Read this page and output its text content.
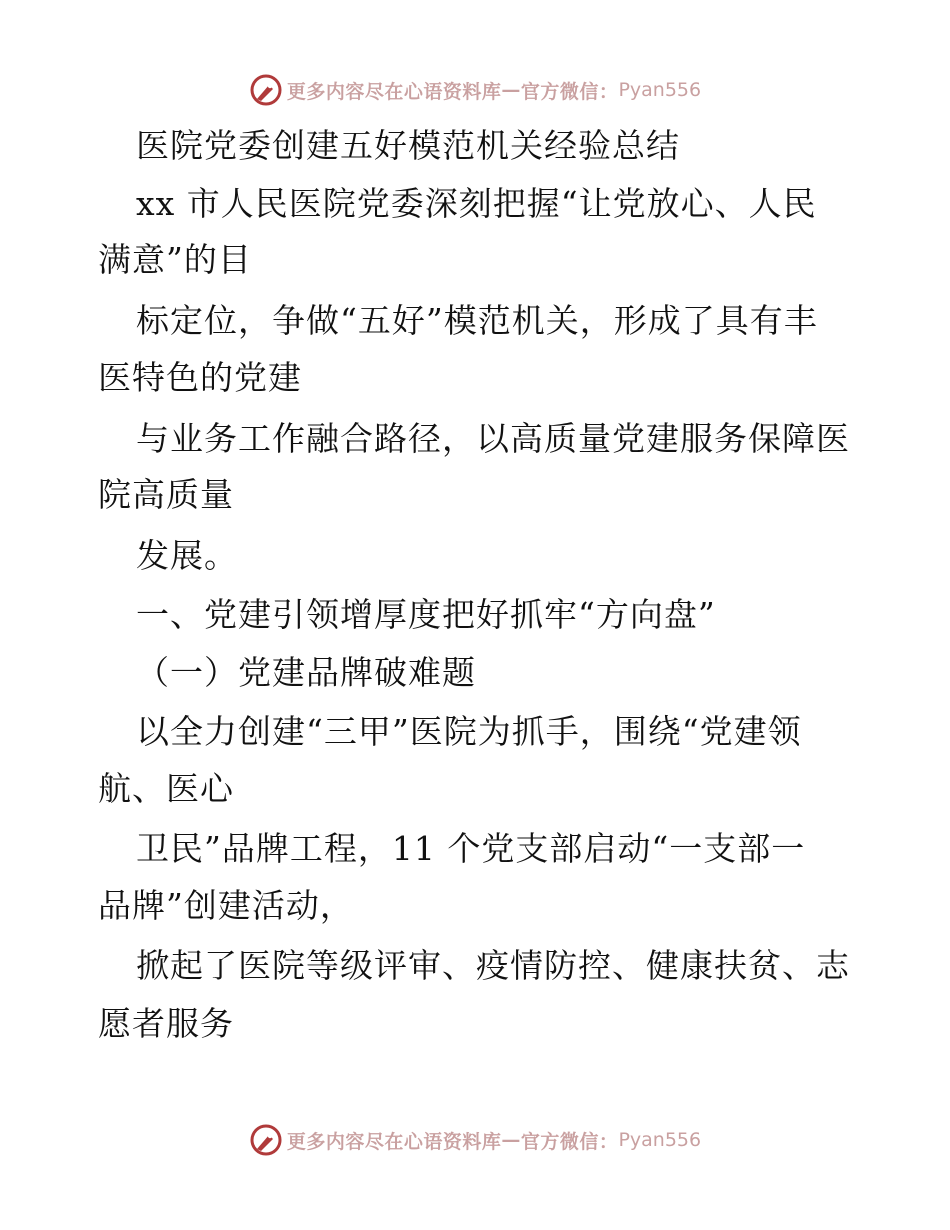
更多内容尽在心语资料库 — 官方微信： Pyan556
医院党委创建五好模范机关经验总结
xx 市人民医院党委深刻把握“让党放心、人民
满意”的目
标定位，争做“五好”模范机关，形成了具有丰
医特色的党建
与业务工作融合路径，以高质量党建服务保障医
院高质量
发展。
一、党建引领增厚度把好抓牢“方向盘”
（一）党建品牌破难题
以全力创建“三甲”医院为抓手，围绕“党建领
航、医心
卫民”品牌工程，11 个党支部启动“一支部一
品牌”创建活动，
掀起了医院等级评审、疫情防控、健康扶贫、志
愿者服务
更多内容尽在心语资料库 — 官方微信： Pyan556
